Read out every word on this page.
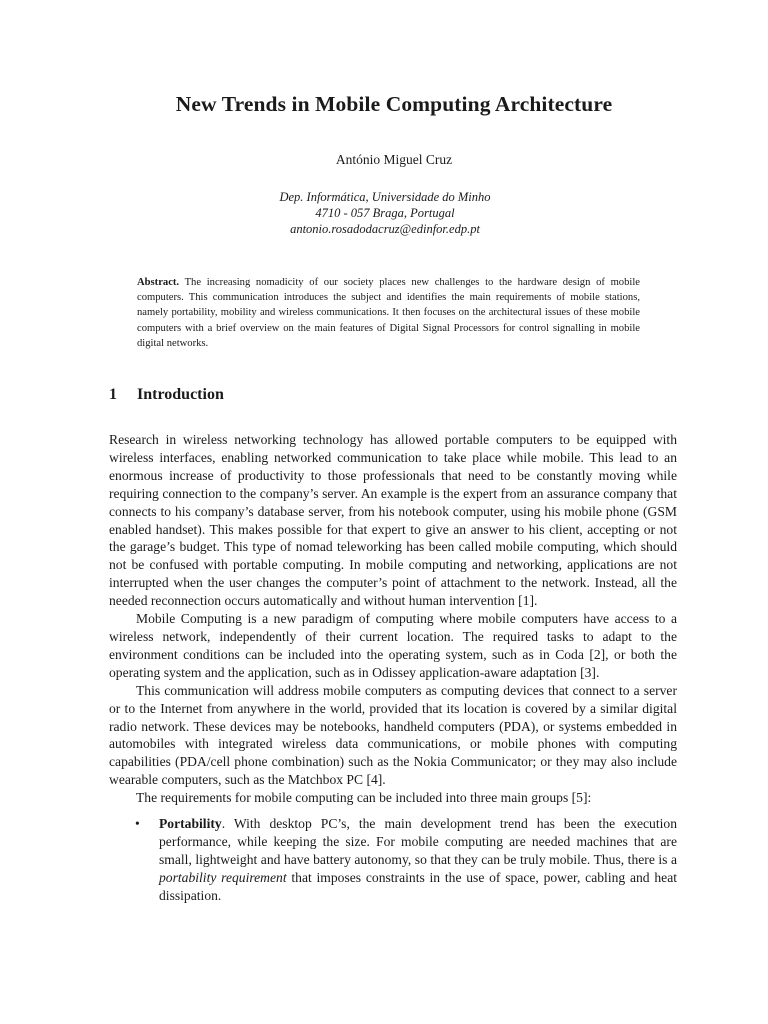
New Trends in Mobile Computing Architecture
António Miguel Cruz
Dep. Informática, Universidade do Minho
4710 - 057 Braga, Portugal
antonio.rosadodacruz@edinfor.edp.pt
Abstract. The increasing nomadicity of our society places new challenges to the hardware design of mobile computers. This communication introduces the subject and identifies the main requirements of mobile stations, namely portability, mobility and wireless communications. It then focuses on the architectural issues of these mobile computers with a brief overview on the main features of Digital Signal Processors for control signalling in mobile digital networks.
1 Introduction

Research in wireless networking technology has allowed portable computers to be equipped with wireless interfaces, enabling networked communication to take place while mobile. This lead to an enormous increase of productivity to those professionals that need to be constantly moving while requiring connection to the company’s server. An example is the expert from an assurance company that connects to his company’s database server, from his notebook computer, using his mobile phone (GSM enabled handset). This makes possible for that expert to give an answer to his client, accepting or not the garage’s budget. This type of nomad teleworking has been called mobile computing, which should not be confused with portable computing. In mobile computing and networking, applications are not interrupted when the user changes the computer’s point of attachment to the network. Instead, all the needed reconnection occurs automatically and without human intervention [1].

Mobile Computing is a new paradigm of computing where mobile computers have access to a wireless network, independently of their current location. The required tasks to adapt to the environment conditions can be included into the operating system, such as in Coda [2], or both the operating system and the application, such as in Odissey application-aware adaptation [3].

This communication will address mobile computers as computing devices that connect to a server or to the Internet from anywhere in the world, provided that its location is covered by a similar digital radio network. These devices may be notebooks, handheld computers (PDA), or systems embedded in automobiles with integrated wireless data communications, or mobile phones with computing capabilities (PDA/cell phone combination) such as the Nokia Communicator; or they may also include wearable computers, such as the Matchbox PC [4].

The requirements for mobile computing can be included into three main groups [5]:

• Portability. With desktop PC’s, the main development trend has been the execution performance, while keeping the size. For mobile computing are needed machines that are small, lightweight and have battery autonomy, so that they can be truly mobile. Thus, there is a portability requirement that imposes constraints in the use of space, power, cabling and heat dissipation.
